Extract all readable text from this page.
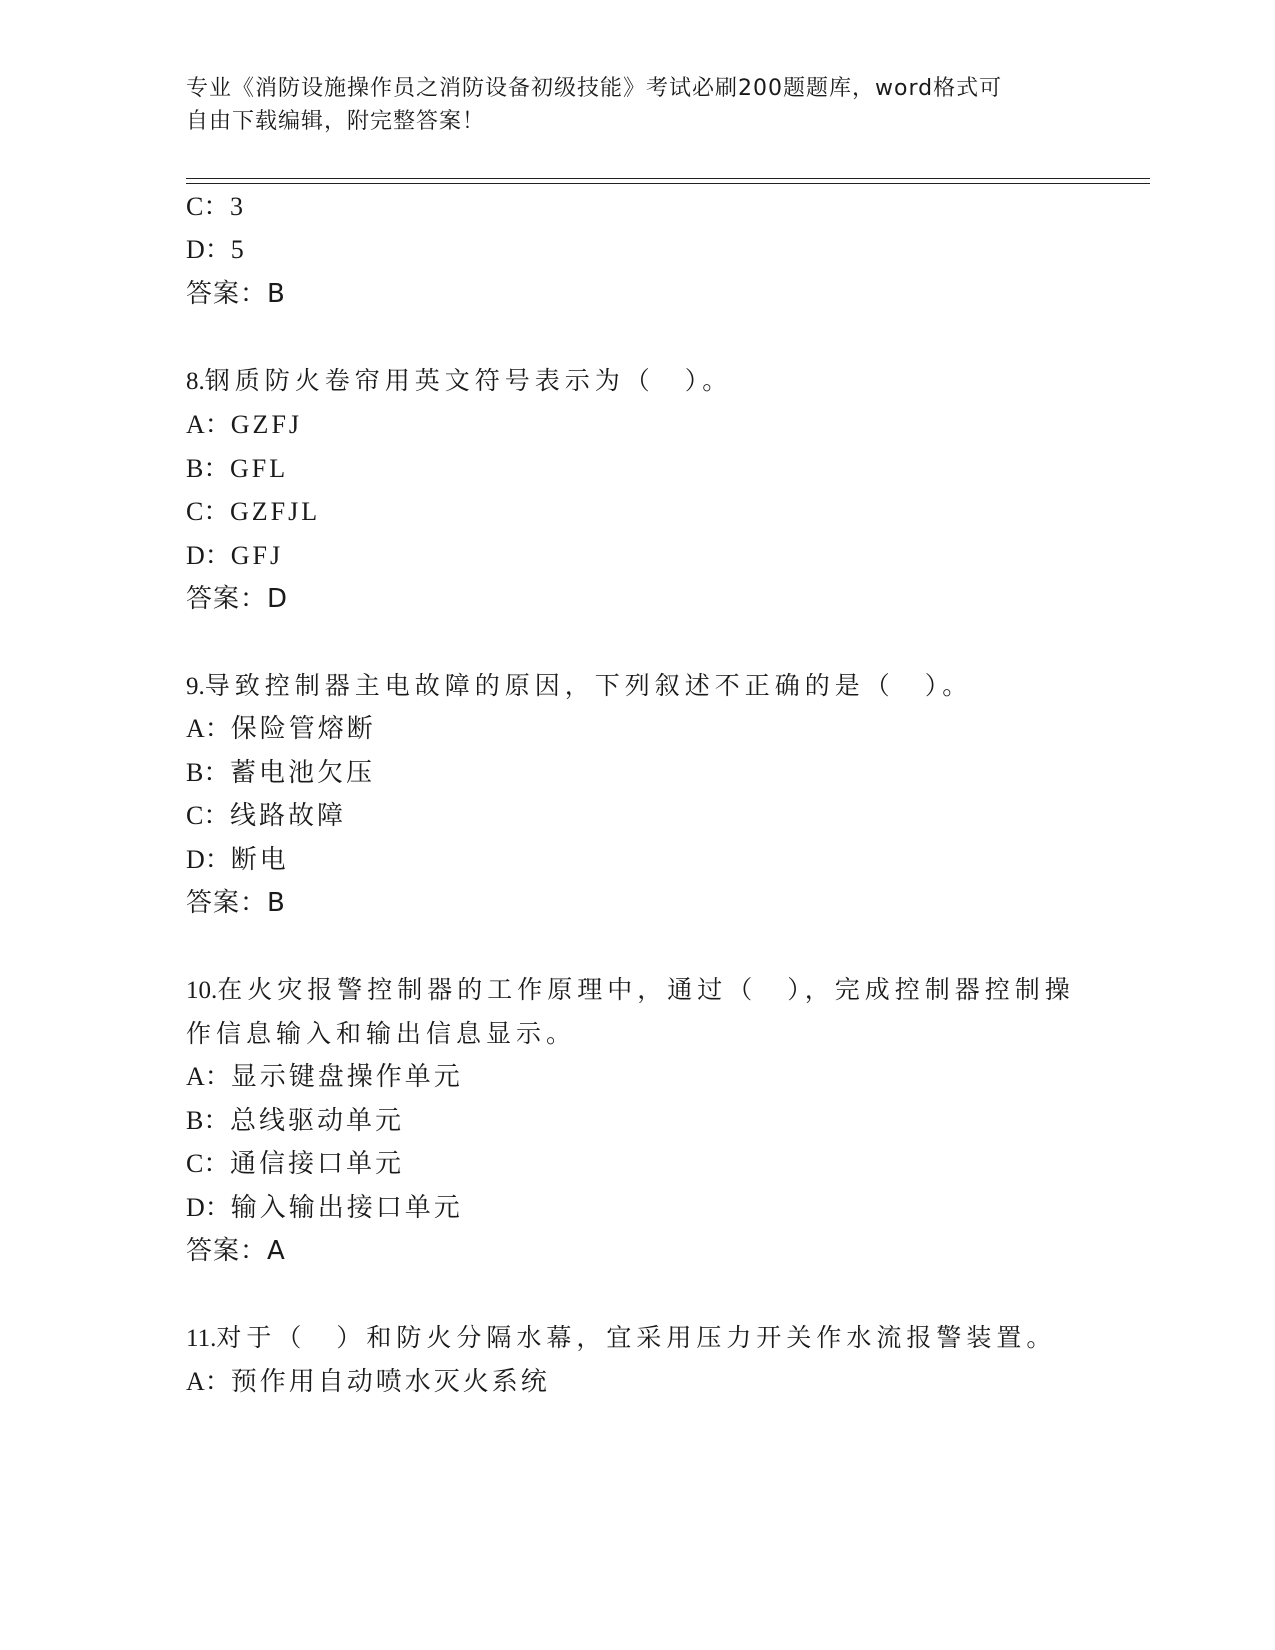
专业《消防设施操作员之消防设备初级技能》考试必刷200题题库，word格式可
自由下载编辑，附完整答案！
C：3
D：5
答案：B
8.钢质防火卷帘用英文符号表示为（　）。
A：GZFJ
B：GFL
C：GZFJL
D：GFJ
答案：D
9.导致控制器主电故障的原因，下列叙述不正确的是（　）。
A：保险管熔断
B：蓄电池欠压
C：线路故障
D：断电
答案：B
10.在火灾报警控制器的工作原理中，通过（　），完成控制器控制操
作信息输入和输出信息显示。
A：显示键盘操作单元
B：总线驱动单元
C：通信接口单元
D：输入输出接口单元
答案：A
11.对于（　）和防火分隔水幕，宜采用压力开关作水流报警装置。
A：预作用自动喷水灭火系统
